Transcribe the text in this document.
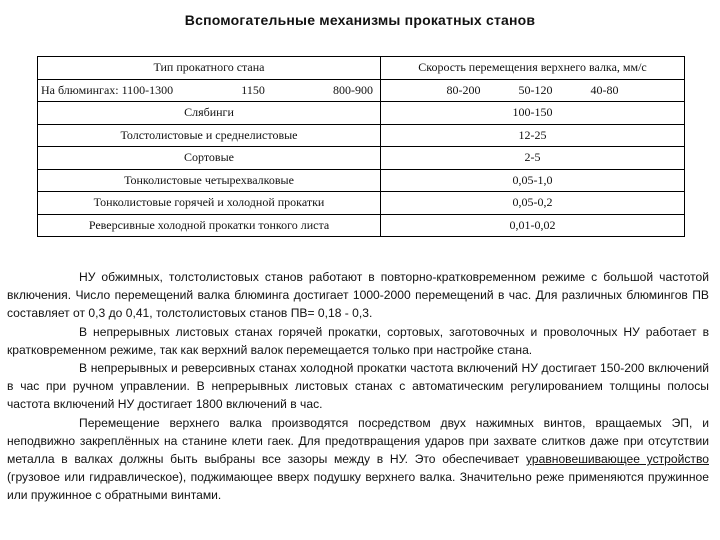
Вспомогательные механизмы прокатных станов
Тип прокатного стана	Скорость перемещения верхнего валка, мм/с

На блюмингах: 1100-1300 1150 800-900	80-200 50-120 40-80

Слябинги	100-150
Толстолистовые и среднелистовые	12-25
Сортовые	2-5
Тонколистовые четырехвалковые	0,05-1,0
Тонколистовые горячей и холодной прокатки	0,05-0,2
Реверсивные холодной прокатки тонкого листа	0,01-0,02

НУ обжимных, толстолистовых станов работают в повторно-кратковременном режиме с большой частотой включения. Число перемещений валка блюминга достигает 1000-2000 перемещений в час. Для различных блюмингов ПВ составляет от 0,3 до 0,41, толстолистовых станов ПВ= 0,18 - 0,3.

В непрерывных листовых станах горячей прокатки, сортовых, заготовочных и проволочных НУ работает в кратковременном режиме, так как верхний валок перемещается только при настройке стана.

В непрерывных и реверсивных станах холодной прокатки частота включений НУ достигает 150-200 включений в час при ручном управлении. В непрерывных листовых станах с автоматическим регулированием толщины полосы частота включений НУ достигает 1800 включений в час.

Перемещение верхнего валка производятся посредством двух нажимных винтов, вращаемых ЭП, и неподвижно закреплённых на станине клети гаек. Для предотвращения ударов при захвате слитков даже при отсутствии металла в валках должны быть выбраны все зазоры между в НУ. Это обеспечивает уравновешивающее устройство (грузовое или гидравлическое), поджимающее вверх подушку верхнего валка. Значительно реже применяются пружинное или пружинное с обратными винтами.
